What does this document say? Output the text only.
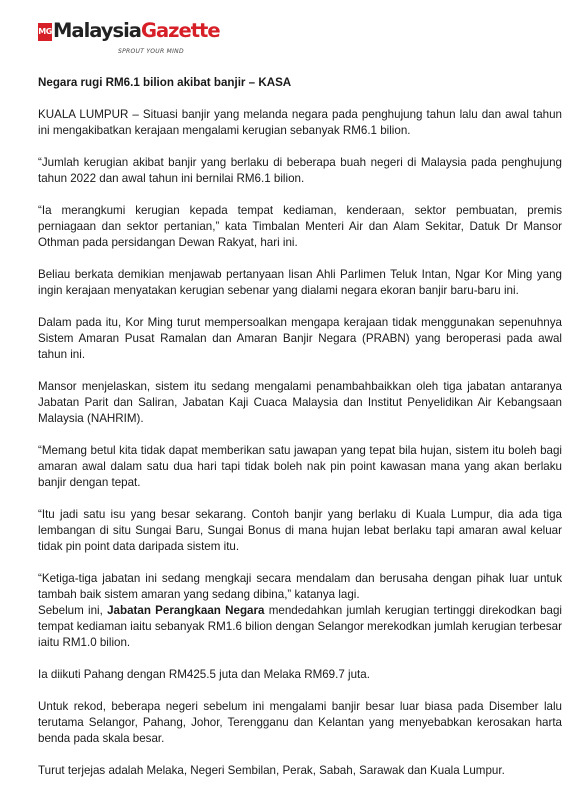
MG MalaysiaGazette
SPROUT YOUR MIND
Negara rugi RM6.1 bilion akibat banjir – KASA

KUALA LUMPUR – Situasi banjir yang melanda negara pada penghujung tahun lalu dan awal tahun ini mengakibatkan kerajaan mengalami kerugian sebanyak RM6.1 bilion.

“Jumlah kerugian akibat banjir yang berlaku di beberapa buah negeri di Malaysia pada penghujung tahun 2022 dan awal tahun ini bernilai RM6.1 bilion.

“Ia merangkumi kerugian kepada tempat kediaman, kenderaan, sektor pembuatan, premis perniagaan dan sektor pertanian,” kata Timbalan Menteri Air dan Alam Sekitar, Datuk Dr Mansor Othman pada persidangan Dewan Rakyat, hari ini.

Beliau berkata demikian menjawab pertanyaan lisan Ahli Parlimen Teluk Intan, Ngar Kor Ming yang ingin kerajaan menyatakan kerugian sebenar yang dialami negara ekoran banjir baru-baru ini.

Dalam pada itu, Kor Ming turut mempersoalkan mengapa kerajaan tidak menggunakan sepenuhnya Sistem Amaran Pusat Ramalan dan Amaran Banjir Negara (PRABN) yang beroperasi pada awal tahun ini.

Mansor menjelaskan, sistem itu sedang mengalami penambahbaikkan oleh tiga jabatan antaranya Jabatan Parit dan Saliran, Jabatan Kaji Cuaca Malaysia dan Institut Penyelidikan Air Kebangsaan Malaysia (NAHRIM).

“Memang betul kita tidak dapat memberikan satu jawapan yang tepat bila hujan, sistem itu boleh bagi amaran awal dalam satu dua hari tapi tidak boleh nak pin point kawasan mana yang akan berlaku banjir dengan tepat.

“Itu jadi satu isu yang besar sekarang. Contoh banjir yang berlaku di Kuala Lumpur, dia ada tiga lembangan di situ Sungai Baru, Sungai Bonus di mana hujan lebat berlaku tapi amaran awal keluar tidak pin point data daripada sistem itu.

“Ketiga-tiga jabatan ini sedang mengkaji secara mendalam dan berusaha dengan pihak luar untuk tambah baik sistem amaran yang sedang dibina,” katanya lagi.

Sebelum ini, Jabatan Perangkaan Negara mendedahkan jumlah kerugian tertinggi direkodkan bagi tempat kediaman iaitu sebanyak RM1.6 bilion dengan Selangor merekodkan jumlah kerugian terbesar iaitu RM1.0 bilion.

Ia diikuti Pahang dengan RM425.5 juta dan Melaka RM69.7 juta.

Untuk rekod, beberapa negeri sebelum ini mengalami banjir besar luar biasa pada Disember lalu terutama Selangor, Pahang, Johor, Terengganu dan Kelantan yang menyebabkan kerosakan harta benda pada skala besar.

Turut terjejas adalah Melaka, Negeri Sembilan, Perak, Sabah, Sarawak dan Kuala Lumpur.
